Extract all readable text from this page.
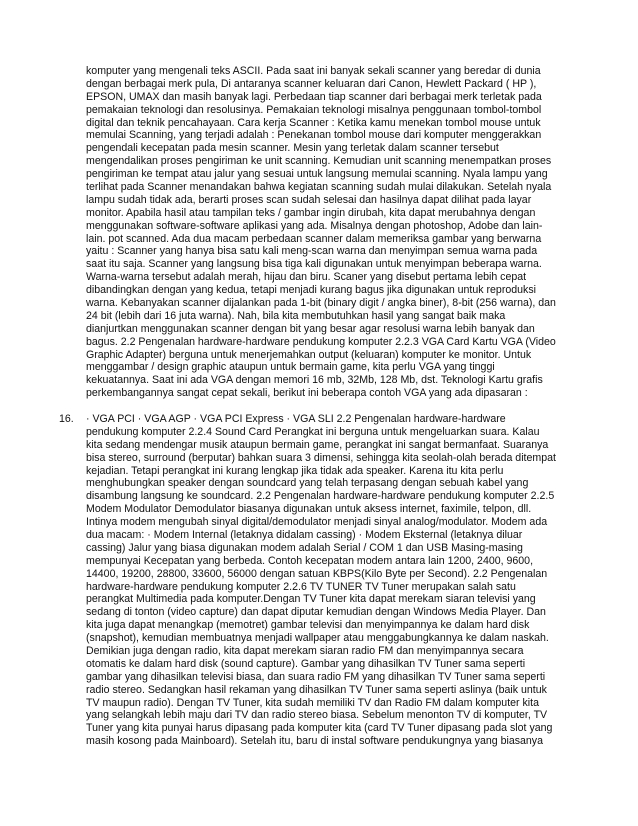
komputer yang mengenali teks ASCII. Pada saat ini banyak sekali scanner yang beredar di dunia
dengan berbagai merk pula, Di antaranya scanner keluaran dari Canon, Hewlett Packard ( HP ),
EPSON, UMAX dan masih banyak lagi. Perbedaan tiap scanner dari berbagai merk terletak pada
pemakaian teknologi dan resolusinya. Pemakaian teknologi misalnya penggunaan tombol-tombol
digital dan teknik pencahayaan. Cara kerja Scanner : Ketika kamu menekan tombol mouse untuk
memulai Scanning, yang terjadi adalah : Penekanan tombol mouse dari komputer menggerakkan
pengendali kecepatan pada mesin scanner. Mesin yang terletak dalam scanner tersebut
mengendalikan proses pengiriman ke unit scanning. Kemudian unit scanning menempatkan proses
pengiriman ke tempat atau jalur yang sesuai untuk langsung memulai scanning. Nyala lampu yang
terlihat pada Scanner menandakan bahwa kegiatan scanning sudah mulai dilakukan. Setelah nyala
lampu sudah tidak ada, berarti proses scan sudah selesai dan hasilnya dapat dilihat pada layar
monitor. Apabila hasil atau tampilan teks / gambar ingin dirubah, kita dapat merubahnya dengan
menggunakan software-software aplikasi yang ada. Misalnya dengan photoshop, Adobe dan lain-
lain. pot scanned. Ada dua macam perbedaan scanner dalam memeriksa gambar yang berwarna
yaitu : Scanner yang hanya bisa satu kali meng-scan warna dan menyimpan semua warna pada
saat itu saja. Scanner yang langsung bisa tiga kali digunakan untuk menyimpan beberapa warna.
Warna-warna tersebut adalah merah, hijau dan biru. Scaner yang disebut pertama lebih cepat
dibandingkan dengan yang kedua, tetapi menjadi kurang bagus jika digunakan untuk reproduksi
warna. Kebanyakan scanner dijalankan pada 1-bit (binary digit / angka biner), 8-bit (256 warna), dan
24 bit (lebih dari 16 juta warna). Nah, bila kita membutuhkan hasil yang sangat baik maka
dianjurtkan menggunakan scanner dengan bit yang besar agar resolusi warna lebih banyak dan
bagus. 2.2 Pengenalan hardware-hardware pendukung komputer 2.2.3 VGA Card Kartu VGA (Video
Graphic Adapter) berguna untuk menerjemahkan output (keluaran) komputer ke monitor. Untuk
menggambar / design graphic ataupun untuk bermain game, kita perlu VGA yang tinggi
kekuatannya. Saat ini ada VGA dengan memori 16 mb, 32Mb, 128 Mb, dst. Teknologi Kartu grafis
perkembangannya sangat cepat sekali, berikut ini beberapa contoh VGA yang ada dipasaran :
16.	· VGA PCI · VGA AGP · VGA PCI Express · VGA SLI 2.2 Pengenalan hardware-hardware
pendukung komputer 2.2.4 Sound Card Perangkat ini berguna untuk mengeluarkan suara. Kalau
kita sedang mendengar musik ataupun bermain game, perangkat ini sangat bermanfaat. Suaranya
bisa stereo, surround (berputar) bahkan suara 3 dimensi, sehingga kita seolah-olah berada ditempat
kejadian. Tetapi perangkat ini kurang lengkap jika tidak ada speaker. Karena itu kita perlu
menghubungkan speaker dengan soundcard yang telah terpasang dengan sebuah kabel yang
disambung langsung ke soundcard. 2.2 Pengenalan hardware-hardware pendukung komputer 2.2.5
Modem Modulator Demodulator biasanya digunakan untuk aksess internet, faximile, telpon, dll.
Intinya modem mengubah sinyal digital/demodulator menjadi sinyal analog/modulator. Modem ada
dua macam: · Modem Internal (letaknya didalam cassing) · Modem Eksternal (letaknya diluar
cassing) Jalur yang biasa digunakan modem adalah Serial / COM 1 dan USB Masing-masing
mempunyai Kecepatan yang berbeda. Contoh kecepatan modem antara lain 1200, 2400, 9600,
14400, 19200, 28800, 33600, 56000 dengan satuan KBPS(Kilo Byte per Second). 2.2 Pengenalan
hardware-hardware pendukung komputer 2.2.6 TV TUNER TV Tuner merupakan salah satu
perangkat Multimedia pada komputer.Dengan TV Tuner kita dapat merekam siaran televisi yang
sedang di tonton (video capture) dan dapat diputar kemudian dengan Windows Media Player. Dan
kita juga dapat menangkap (memotret) gambar televisi dan menyimpannya ke dalam hard disk
(snapshot), kemudian membuatnya menjadi wallpaper atau menggabungkannya ke dalam naskah.
Demikian juga dengan radio, kita dapat merekam siaran radio FM dan menyimpannya secara
otomatis ke dalam hard disk (sound capture). Gambar yang dihasilkan TV Tuner sama seperti
gambar yang dihasilkan televisi biasa, dan suara radio FM yang dihasilkan TV Tuner sama seperti
radio stereo. Sedangkan hasil rekaman yang dihasilkan TV Tuner sama seperti aslinya (baik untuk
TV maupun radio). Dengan TV Tuner, kita sudah memiliki TV dan Radio FM dalam komputer kita
yang selangkah lebih maju dari TV dan radio stereo biasa. Sebelum menonton TV di komputer, TV
Tuner yang kita punyai harus dipasang pada komputer kita (card TV Tuner dipasang pada slot yang
masih kosong pada Mainboard). Setelah itu, baru di instal software pendukungnya yang biasanya
